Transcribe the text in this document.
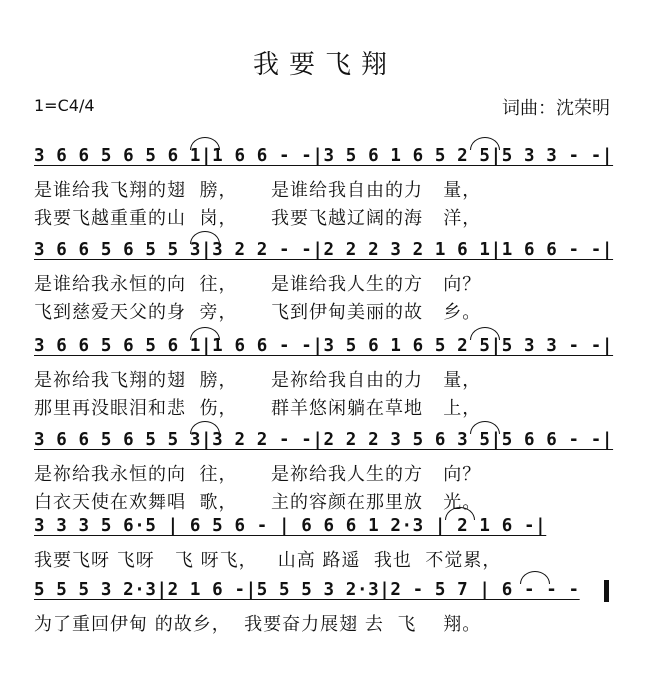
我要飞翔
1=C4/4	词曲：沈荣明
3 6 6 5 6 5 6 1|1 6 6 - -|3 5 6 1 6 5 2 5|5 3 3 - -|
是谁给我飞翔的翅  膀，     是谁给我自由的力   量，
我要飞越重重的山  岗，     我要飞越辽阔的海   洋，
3 6 6 5 6 5 5 3|3 2 2 - -|2 2 2 3 2 1 6 1|1 6 6 - -|
是谁给我永恒的向  往，     是谁给我人生的方   向？
飞到慈爱天父的身  旁，     飞到伊甸美丽的故   乡。
3 6 6 5 6 5 6 1|1 6 6 - -|3 5 6 1 6 5 2 5|5 3 3 - -|
是祢给我飞翔的翅  膀，     是祢给我自由的力   量，
那里再没眼泪和悲  伤，     群羊悠闲躺在草地   上，
3 6 6 5 6 5 5 3|3 2 2 - -|2 2 2 3 5 6 3 5|5 6 6 - -|
是祢给我永恒的向  往，     是祢给我人生的方   向？
白衣天使在欢舞唱  歌，     主的容颜在那里放   光。
3 3 3 5 6·5 | 6 5 6 - | 6 6 6 1 2·3 | 2 1 6 -|
我要飞呀 飞呀   飞 呀飞，   山高 路遥  我也  不觉累，
5 5 5 3 2·3|2 1 6 -|5 5 5 3 2·3|2 - 5 7 | 6 - - -
为了重回伊甸 的故乡，  我要奋力展翅 去  飞    翔。
